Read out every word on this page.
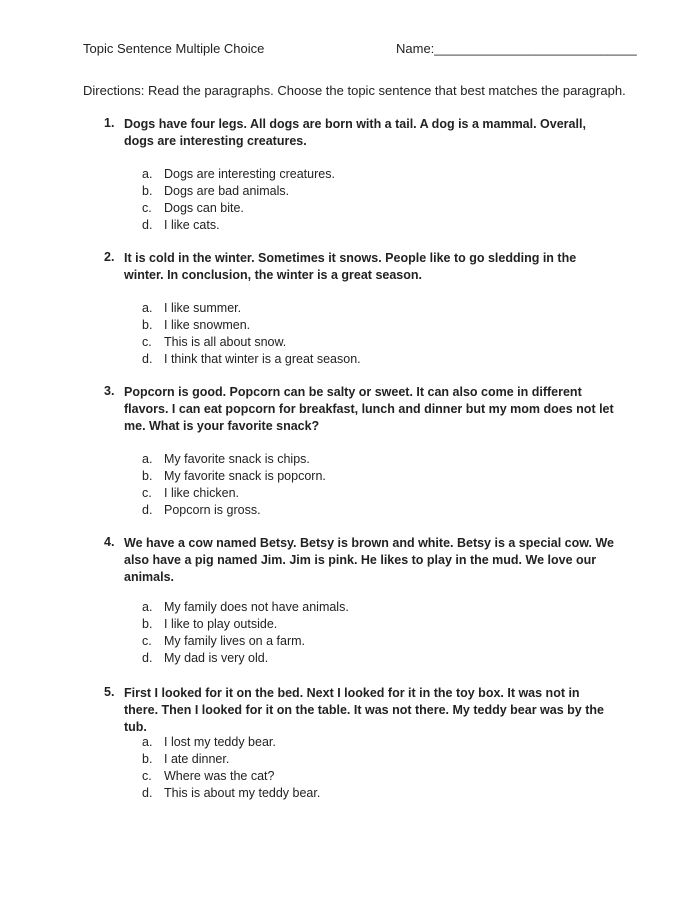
Topic Sentence Multiple Choice	Name:____________________________
Directions: Read the paragraphs. Choose the topic sentence that best matches the paragraph.
1. Dogs have four legs. All dogs are born with a tail. A dog is a mammal. Overall, dogs are interesting creatures.
a. Dogs are interesting creatures.
b. Dogs are bad animals.
c. Dogs can bite.
d. I like cats.
2. It is cold in the winter. Sometimes it snows. People like to go sledding in the winter. In conclusion, the winter is a great season.
a. I like summer.
b. I like snowmen.
c. This is all about snow.
d. I think that winter is a great season.
3. Popcorn is good. Popcorn can be salty or sweet. It can also come in different flavors. I can eat popcorn for breakfast, lunch and dinner but my mom does not let me. What is your favorite snack?
a. My favorite snack is chips.
b. My favorite snack is popcorn.
c. I like chicken.
d. Popcorn is gross.
4. We have a cow named Betsy. Betsy is brown and white. Betsy is a special cow. We also have a pig named Jim. Jim is pink. He likes to play in the mud. We love our animals.
a. My family does not have animals.
b. I like to play outside.
c. My family lives on a farm.
d. My dad is very old.
5. First I looked for it on the bed. Next I looked for it in the toy box. It was not in there. Then I looked for it on the table. It was not there. My teddy bear was by the tub.
a. I lost my teddy bear.
b. I ate dinner.
c. Where was the cat?
d. This is about my teddy bear.
